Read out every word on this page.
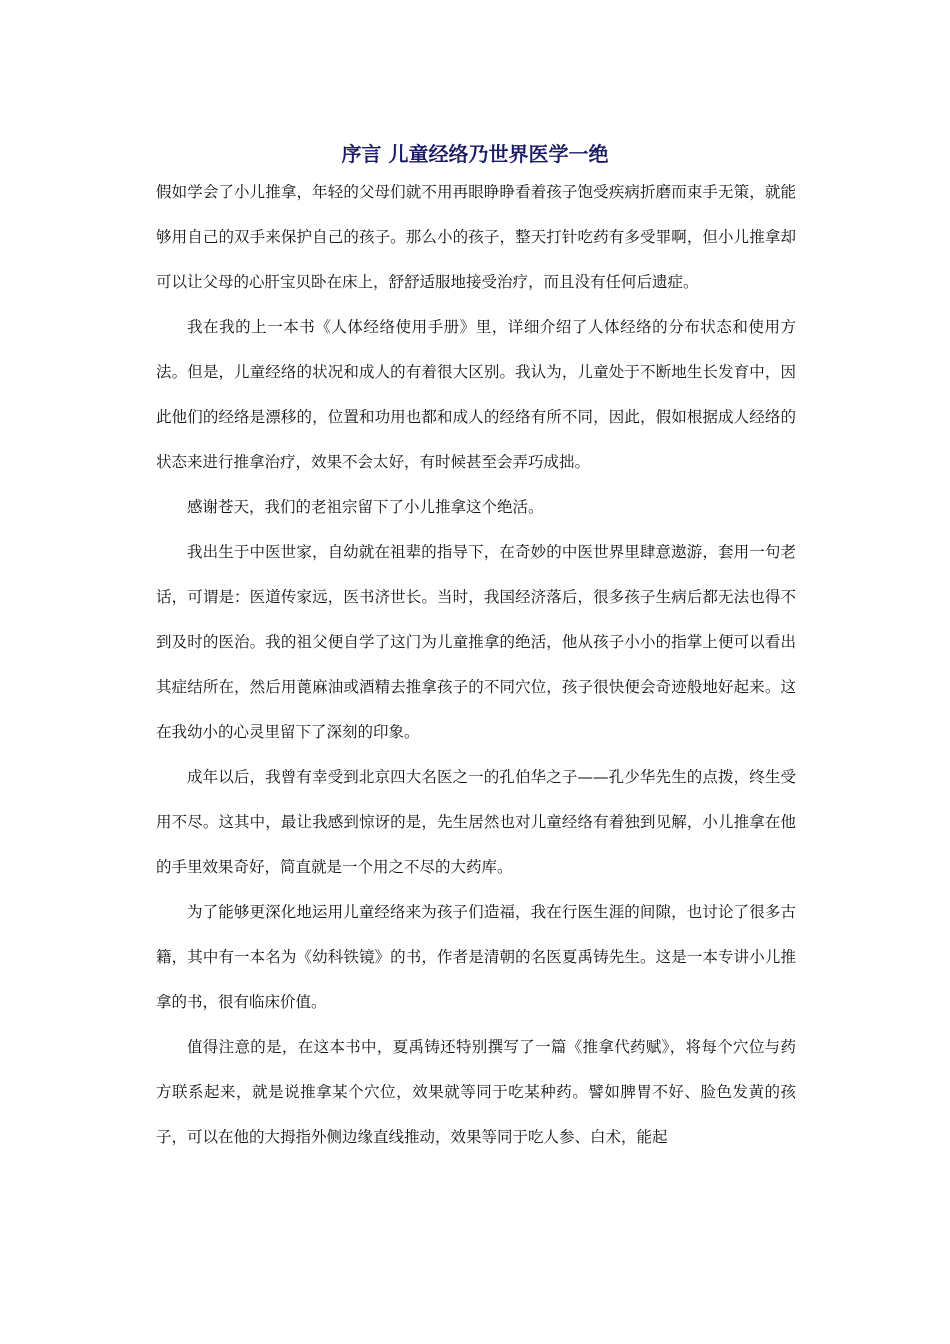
序言 儿童经络乃世界医学一绝

假如学会了小儿推拿，年轻的父母们就不用再眼睁睁看着孩子饱受疾病折磨而束手无策，就能够用自己的双手来保护自己的孩子。那么小的孩子，整天打针吃药有多受罪啊，但小儿推拿却可以让父母的心肝宝贝卧在床上，舒舒适服地接受治疗，而且没有任何后遗症。

我在我的上一本书《人体经络使用手册》里，详细介绍了人体经络的分布状态和使用方法。但是，儿童经络的状况和成人的有着很大区别。我认为，儿童处于不断地生长发育中，因此他们的经络是漂移的，位置和功用也都和成人的经络有所不同，因此，假如根据成人经络的状态来进行推拿治疗，效果不会太好，有时候甚至会弄巧成拙。

感谢苍天，我们的老祖宗留下了小儿推拿这个绝活。

我出生于中医世家，自幼就在祖辈的指导下，在奇妙的中医世界里肆意遨游，套用一句老话，可谓是：医道传家远，医书济世长。当时，我国经济落后，很多孩子生病后都无法也得不到及时的医治。我的祖父便自学了这门为儿童推拿的绝活，他从孩子小小的指掌上便可以看出其症结所在，然后用蓖麻油或酒精去推拿孩子的不同穴位，孩子很快便会奇迹般地好起来。这在我幼小的心灵里留下了深刻的印象。

成年以后，我曾有幸受到北京四大名医之一的孔伯华之子——孔少华先生的点拨，终生受用不尽。这其中，最让我感到惊讶的是，先生居然也对儿童经络有着独到见解，小儿推拿在他的手里效果奇好，简直就是一个用之不尽的大药库。

为了能够更深化地运用儿童经络来为孩子们造福，我在行医生涯的间隙，也讨论了很多古籍，其中有一本名为《幼科铁镜》的书，作者是清朝的名医夏禹铸先生。这是一本专讲小儿推拿的书，很有临床价值。

值得注意的是，在这本书中，夏禹铸还特别撰写了一篇《推拿代药赋》，将每个穴位与药方联系起来，就是说推拿某个穴位，效果就等同于吃某种药。譬如脾胃不好、脸色发黄的孩子，可以在他的大拇指外侧边缘直线推动，效果等同于吃人参、白术，能起
